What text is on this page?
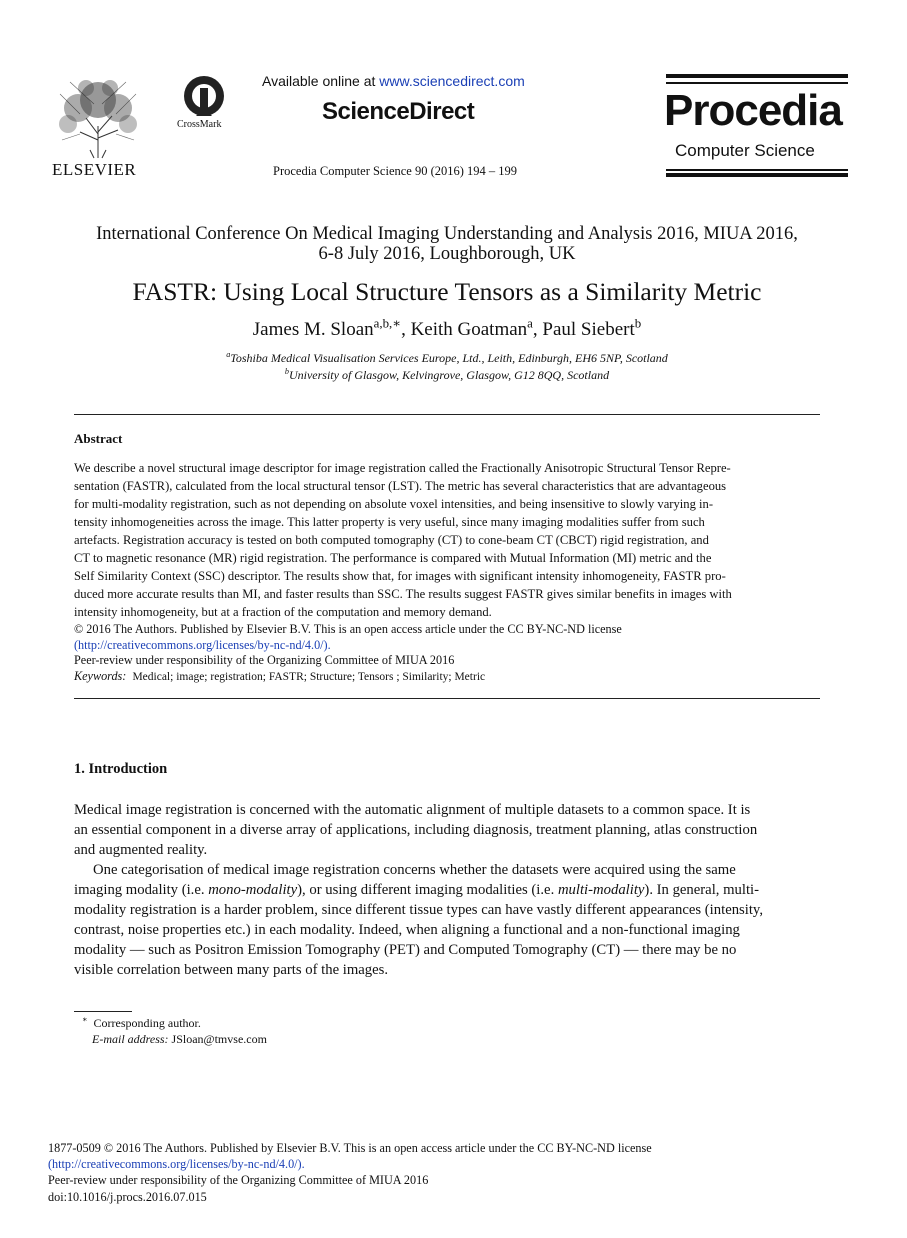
ELSEVIER
CrossMark
Available online at www.sciencedirect.com
ScienceDirect
Procedia Computer Science 90 (2016) 194 – 199
Procedia
Computer Science
International Conference On Medical Imaging Understanding and Analysis 2016, MIUA 2016,
6-8 July 2016, Loughborough, UK
FASTR: Using Local Structure Tensors as a Similarity Metric
James M. Sloan$^{a,b,∗}$, Keith Goatman$^a$, Paul Siebert$^b$
$^a$Toshiba Medical Visualisation Services Europe, Ltd., Leith, Edinburgh, EH6 5NP, Scotland
$^b$University of Glasgow, Kelvingrove, Glasgow, G12 8QQ, Scotland
Abstract
We describe a novel structural image descriptor for image registration called the Fractionally Anisotropic Structural Tensor Repre-
sentation (FASTR), calculated from the local structural tensor (LST). The metric has several characteristics that are advantageous
for multi-modality registration, such as not depending on absolute voxel intensities, and being insensitive to slowly varying in-
tensity inhomogeneities across the image. This latter property is very useful, since many imaging modalities suffer from such
artefacts. Registration accuracy is tested on both computed tomography (CT) to cone-beam CT (CBCT) rigid registration, and
CT to magnetic resonance (MR) rigid registration. The performance is compared with Mutual Information (MI) metric and the
Self Similarity Context (SSC) descriptor. The results show that, for images with significant intensity inhomogeneity, FASTR pro-
duced more accurate results than MI, and faster results than SSC. The results suggest FASTR gives similar benefits in images with
intensity inhomogeneity, but at a fraction of the computation and memory demand.
© 2016 The Authors. Published by Elsevier B.V. This is an open access article under the CC BY-NC-ND license
(http://creativecommons.org/licenses/by-nc-nd/4.0/).
Peer-review under responsibility of the Organizing Committee of MIUA 2016
Keywords: Medical; image; registration; FASTR; Structure; Tensors ; Similarity; Metric
1. Introduction
Medical image registration is concerned with the automatic alignment of multiple datasets to a common space. It is
an essential component in a diverse array of applications, including diagnosis, treatment planning, atlas construction
and augmented reality.
One categorisation of medical image registration concerns whether the datasets were acquired using the same
imaging modality (i.e. mono-modality), or using different imaging modalities (i.e. multi-modality). In general, multi-
modality registration is a harder problem, since different tissue types can have vastly different appearances (intensity,
contrast, noise properties etc.) in each modality. Indeed, when aligning a functional and a non-functional imaging
modality — such as Positron Emission Tomography (PET) and Computed Tomography (CT) — there may be no
visible correlation between many parts of the images.
∗ Corresponding author.
E-mail address: JSloan@tmvse.com
1877-0509 © 2016 The Authors. Published by Elsevier B.V. This is an open access article under the CC BY-NC-ND license
(http://creativecommons.org/licenses/by-nc-nd/4.0/).
Peer-review under responsibility of the Organizing Committee of MIUA 2016
doi:10.1016/j.procs.2016.07.015
